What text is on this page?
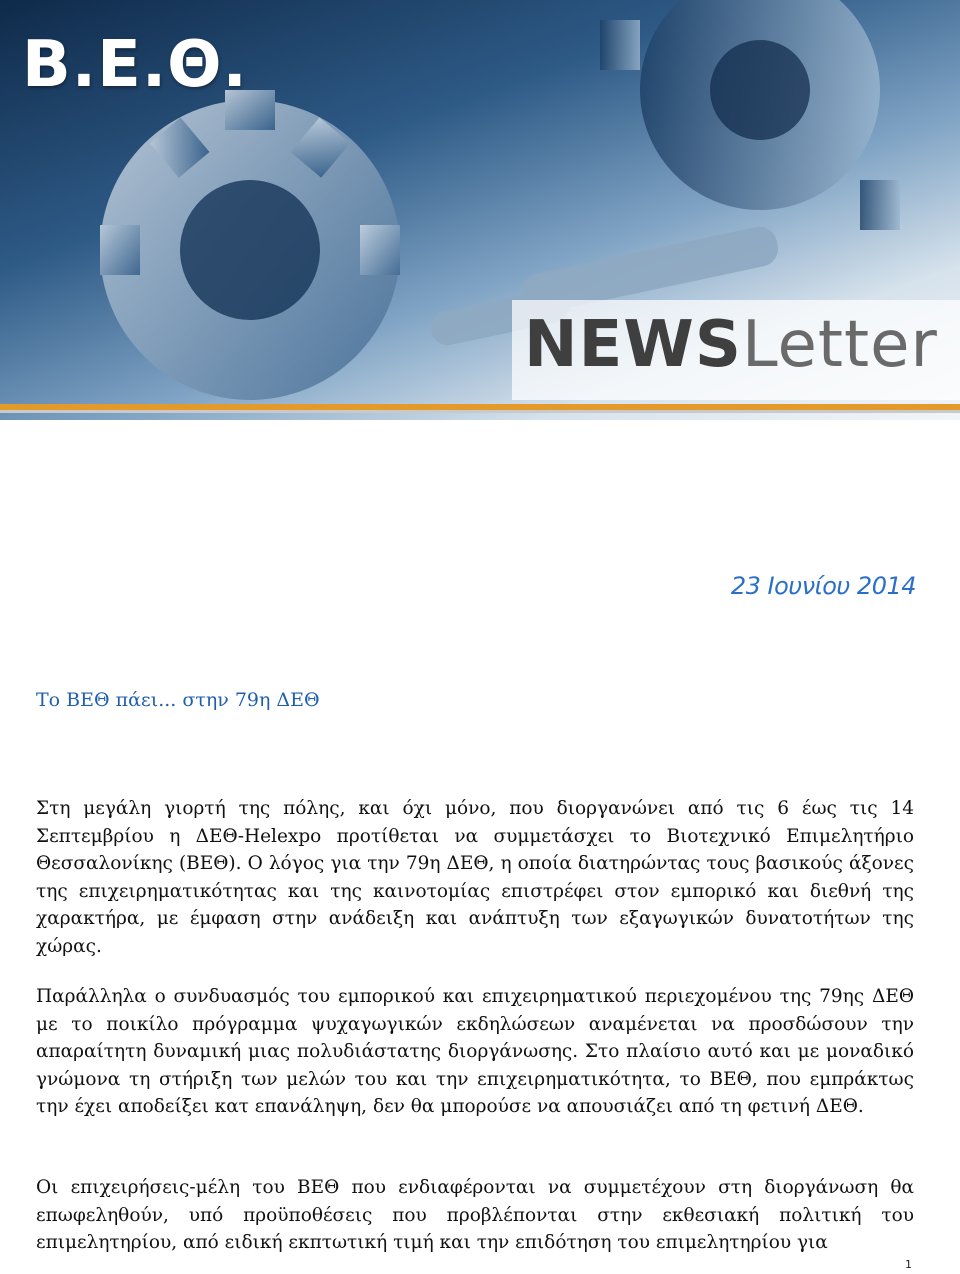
Β.Ε.Θ.
NEWSLetter
23 Ιουνίου 2014
Το ΒΕΘ πάει... στην 79η ΔΕΘ
Στη μεγάλη γιορτή της πόλης, και όχι μόνο, που διοργανώνει από τις 6 έως τις 14 Σεπτεμβρίου η ΔΕΘ-Helexpo προτίθεται να συμμετάσχει το Βιοτεχνικό Επιμελητήριο Θεσσαλονίκης (ΒΕΘ). Ο λόγος για την 79η ΔΕΘ, η οποία διατηρώντας τους βασικούς άξονες της επιχειρηματικότητας και της καινοτομίας επιστρέφει στον εμπορικό και διεθνή της χαρακτήρα, με έμφαση στην ανάδειξη και ανάπτυξη των εξαγωγικών δυνατοτήτων της χώρας.
Παράλληλα ο συνδυασμός του εμπορικού και επιχειρηματικού περιεχομένου της 79ης ΔΕΘ με το ποικίλο πρόγραμμα ψυχαγωγικών εκδηλώσεων αναμένεται να προσδώσουν την απαραίτητη δυναμική μιας πολυδιάστατης διοργάνωσης. Στο πλαίσιο αυτό και με μοναδικό γνώμονα τη στήριξη των μελών του και την επιχειρηματικότητα, το ΒΕΘ, που εμπράκτως την έχει αποδείξει κατ επανάληψη, δεν θα μπορούσε να απουσιάζει από τη φετινή ΔΕΘ.
Οι επιχειρήσεις-μέλη του ΒΕΘ που ενδιαφέρονται να συμμετέχουν στη διοργάνωση θα επωφεληθούν, υπό προϋποθέσεις που προβλέπονται στην εκθεσιακή πολιτική του επιμελητηρίου, από ειδική εκπτωτική τιμή και την επιδότηση του επιμελητηρίου για
1
